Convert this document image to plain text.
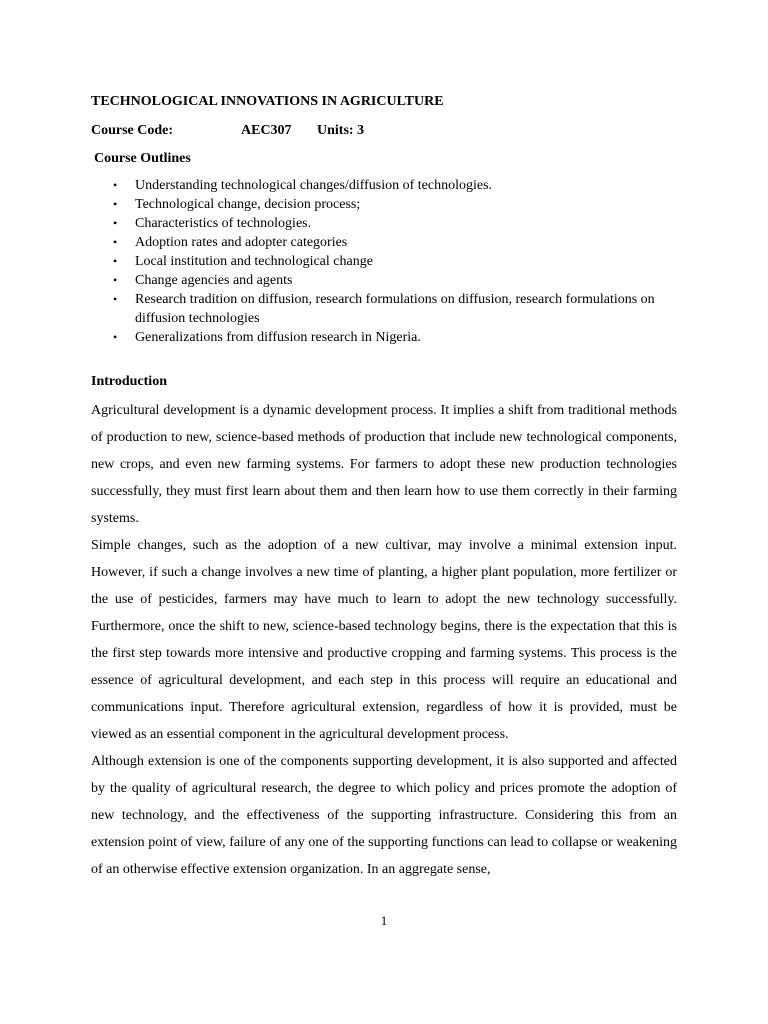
TECHNOLOGICAL INNOVATIONS IN AGRICULTURE
Course Code:	AEC307 Units: 3
Course Outlines
• Understanding technological changes/diffusion of technologies.
• Technological change, decision process;
• Characteristics of technologies.
• Adoption rates and adopter categories
• Local institution and technological change
• Change agencies and agents
• Research tradition on diffusion, research formulations on diffusion, research formulations on diffusion technologies
• Generalizations from diffusion research in Nigeria.
Introduction

Agricultural development is a dynamic development process. It implies a shift from traditional methods of production to new, science-based methods of production that include new technological components, new crops, and even new farming systems. For farmers to adopt these new production technologies successfully, they must first learn about them and then learn how to use them correctly in their farming systems.

Simple changes, such as the adoption of a new cultivar, may involve a minimal extension input. However, if such a change involves a new time of planting, a higher plant population, more fertilizer or the use of pesticides, farmers may have much to learn to adopt the new technology successfully. Furthermore, once the shift to new, science-based technology begins, there is the expectation that this is the first step towards more intensive and productive cropping and farming systems. This process is the essence of agricultural development, and each step in this process will require an educational and communications input. Therefore agricultural extension, regardless of how it is provided, must be viewed as an essential component in the agricultural development process.

Although extension is one of the components supporting development, it is also supported and affected by the quality of agricultural research, the degree to which policy and prices promote the adoption of new technology, and the effectiveness of the supporting infrastructure. Considering this from an extension point of view, failure of any one of the supporting functions can lead to collapse or weakening of an otherwise effective extension organization. In an aggregate sense,

1
